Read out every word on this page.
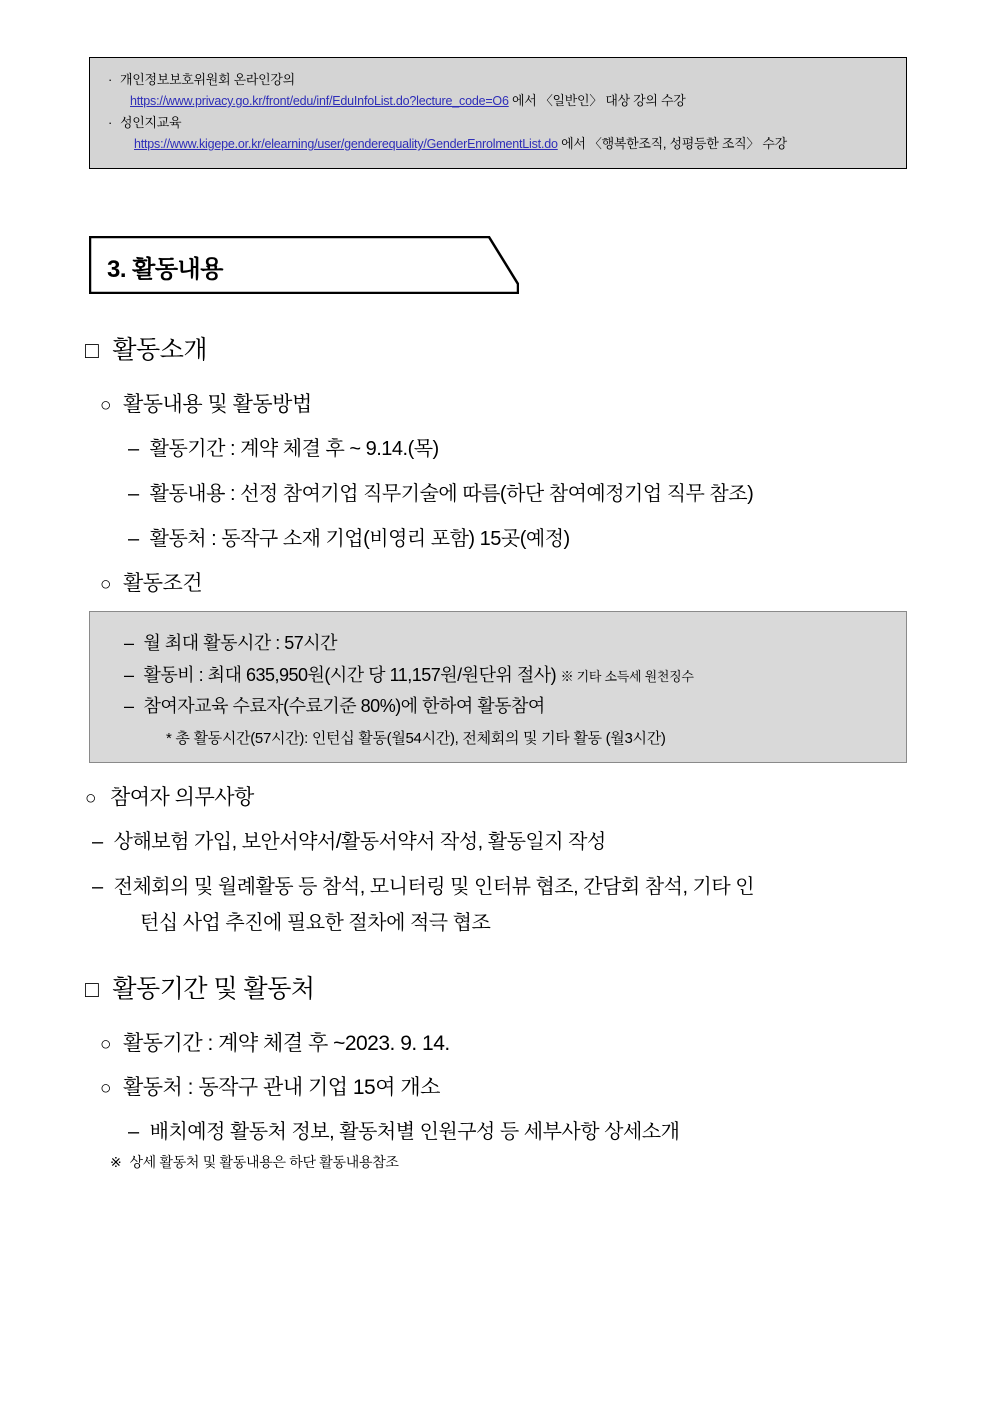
· 개인정보보호위원회 온라인강의
https://www.privacy.go.kr/front/edu/inf/EduInfoList.do?lecture_code=O6 에서 〈일반인〉 대상 강의 수강
· 성인지교육
https://www.kigepe.or.kr/elearning/user/genderequality/GenderEnrolmentList.do 에서 〈행복한조직, 성평등한 조직〉 수강
3. 활동내용
□ 활동소개
○ 활동내용 및 활동방법
– 활동기간 : 계약 체결 후 ~ 9.14.(목)
– 활동내용 : 선정 참여기업 직무기술에 따름(하단 참여예정기업 직무 참조)
– 활동처 : 동작구 소재 기업(비영리 포함) 15곳(예정)
○ 활동조건
– 월 최대 활동시간 : 57시간
– 활동비 : 최대 635,950원(시간 당 11,157원/원단위 절사) ※ 기타 소득세 원천징수
– 참여자교육 수료자(수료기준 80%)에 한하여 활동참여
* 총 활동시간(57시간): 인턴십 활동(월54시간), 전체회의 및 기타 활동 (월3시간)
○ 참여자 의무사항
– 상해보험 가입, 보안서약서/활동서약서 작성, 활동일지 작성
– 전체회의 및 월례활동 등 참석, 모니터링 및 인터뷰 협조, 간담회 참석, 기타 인
턴십 사업 추진에 필요한 절차에 적극 협조
□ 활동기간 및 활동처
○ 활동기간 : 계약 체결 후 ~2023. 9. 14.
○ 활동처 : 동작구 관내 기업 15여 개소
– 배치예정 활동처 정보, 활동처별 인원구성 등 세부사항 상세소개
※ 상세 활동처 및 활동내용은 하단 활동내용참조
